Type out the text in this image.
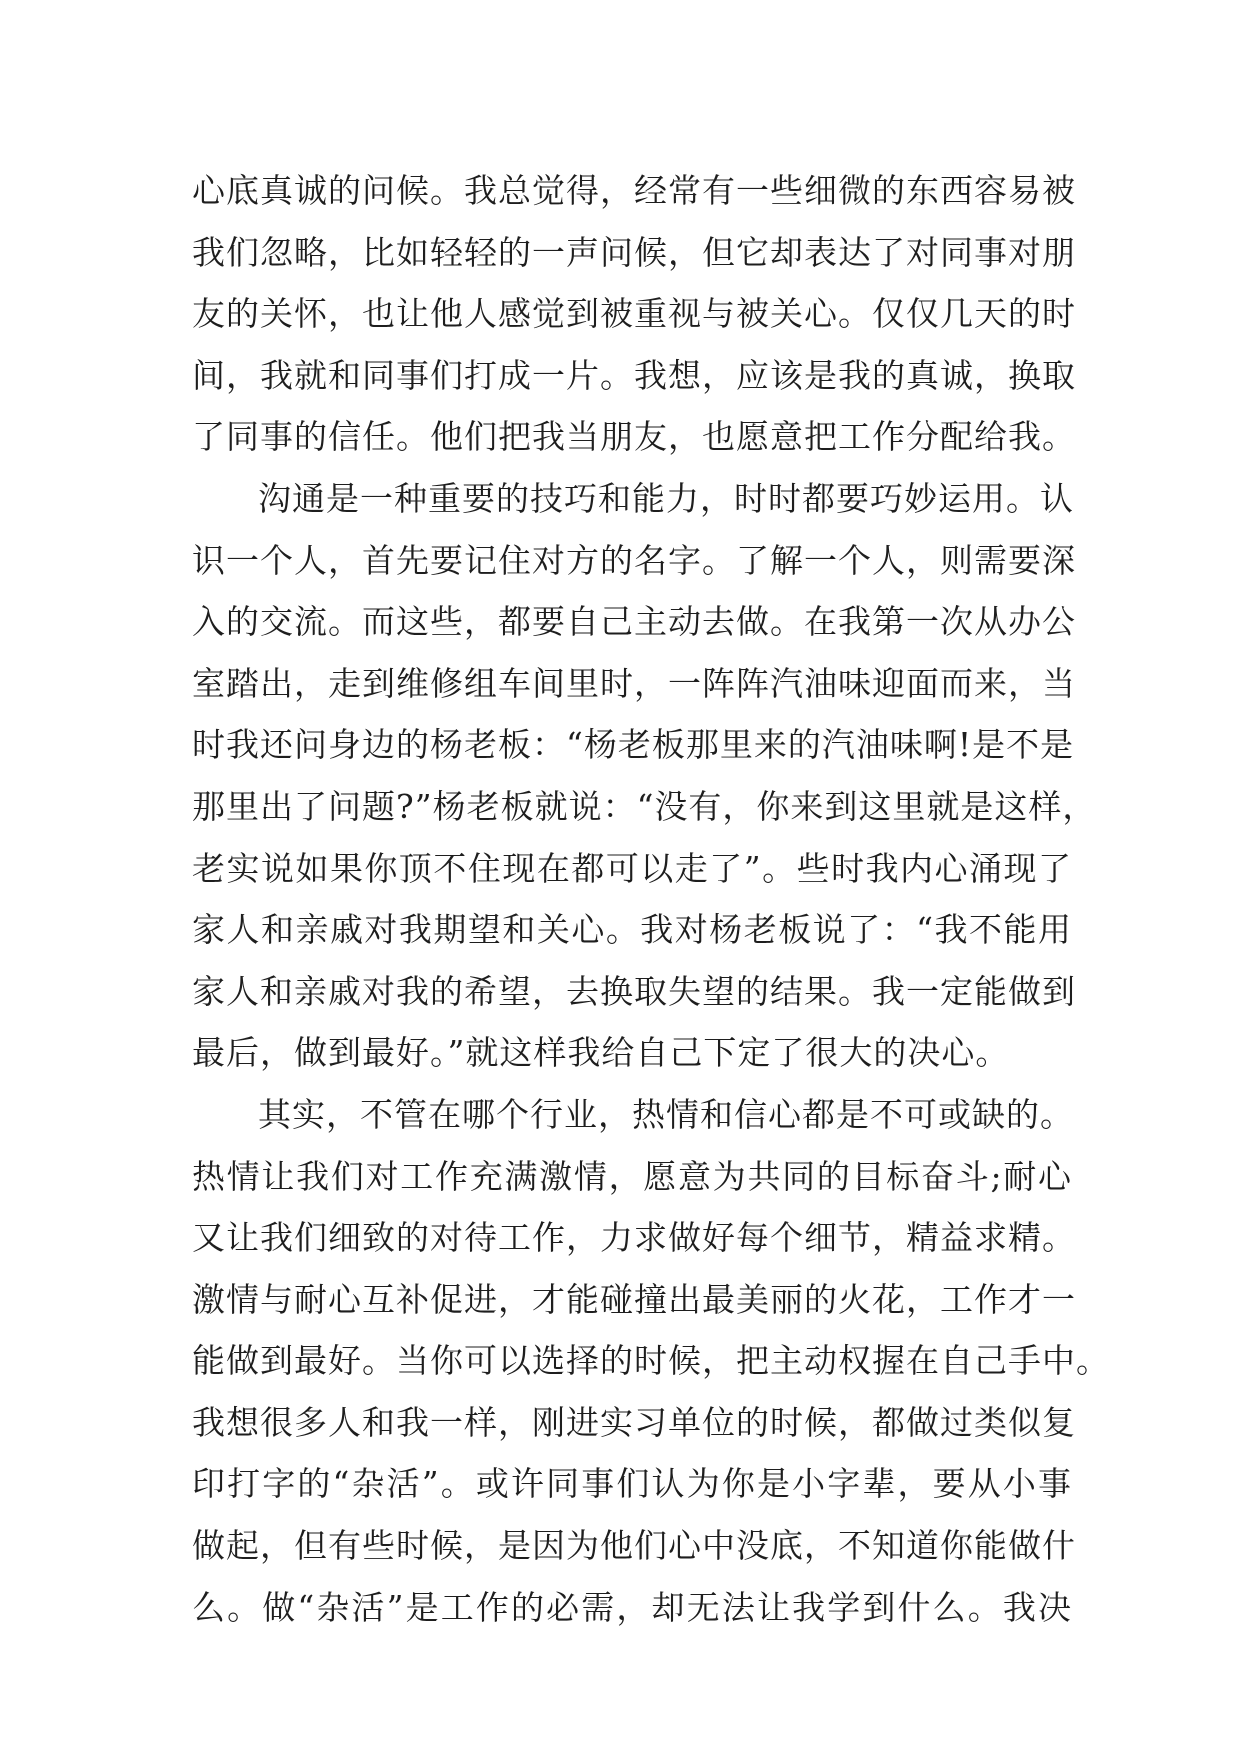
心底真诚的问候。我总觉得，经常有一些细微的东西容易被
我们忽略，比如轻轻的一声问候，但它却表达了对同事对朋
友的关怀，也让他人感觉到被重视与被关心。仅仅几天的时
间，我就和同事们打成一片。我想，应该是我的真诚，换取
了同事的信任。他们把我当朋友，也愿意把工作分配给我。
沟通是一种重要的技巧和能力，时时都要巧妙运用。认
识一个人，首先要记住对方的名字。了解一个人，则需要深
入的交流。而这些，都要自己主动去做。在我第一次从办公
室踏出，走到维修组车间里时，一阵阵汽油味迎面而来，当
时我还问身边的杨老板：“杨老板那里来的汽油味啊!是不是
那里出了问题?”杨老板就说：“没有，你来到这里就是这样，
老实说如果你顶不住现在都可以走了”。些时我内心涌现了
家人和亲戚对我期望和关心。我对杨老板说了：“我不能用
家人和亲戚对我的希望，去换取失望的结果。我一定能做到
最后，做到最好。”就这样我给自己下定了很大的决心。
其实，不管在哪个行业，热情和信心都是不可或缺的。
热情让我们对工作充满激情，愿意为共同的目标奋斗;耐心
又让我们细致的对待工作，力求做好每个细节，精益求精。
激情与耐心互补促进，才能碰撞出最美丽的火花，工作才一
能做到最好。当你可以选择的时候，把主动权握在自己手中。
我想很多人和我一样，刚进实习单位的时候，都做过类似复
印打字的“杂活”。或许同事们认为你是小字辈，要从小事
做起，但有些时候，是因为他们心中没底，不知道你能做什
么。做“杂活”是工作的必需，却无法让我学到什么。我决
